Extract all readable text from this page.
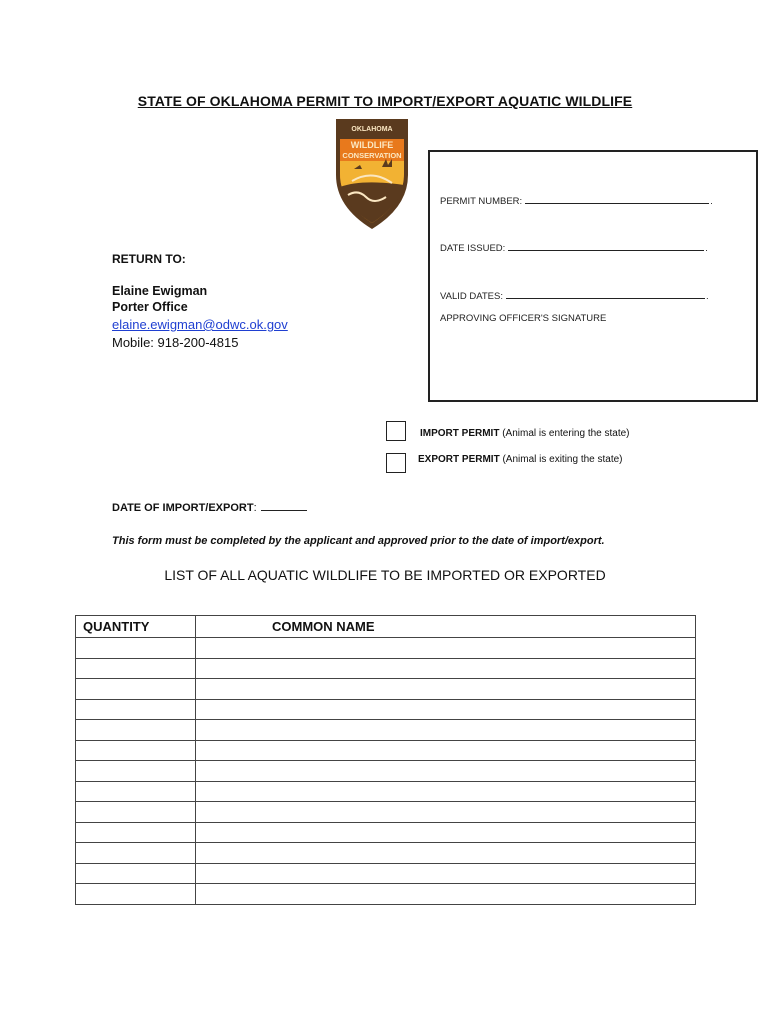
STATE OF OKLAHOMA PERMIT TO IMPORT/EXPORT AQUATIC WILDLIFE
OKLAHOMA
WILDLIFE
CONSERVATION
PERMIT NUMBER:	.
DATE ISSUED:	.
VALID DATES:	.
APPROVING OFFICER'S SIGNATURE
RETURN TO:
Elaine Ewigman
Porter Office
elaine.ewigman@odwc.ok.gov
Mobile: 918-200-4815
IMPORT PERMIT (Animal is entering the state)
EXPORT PERMIT (Animal is exiting the state)
DATE OF IMPORT/EXPORT:
This form must be completed by the applicant and approved prior to the date of import/export.
LIST OF ALL AQUATIC WILDLIFE TO BE IMPORTED OR EXPORTED
QUANTITY	COMMON NAME
